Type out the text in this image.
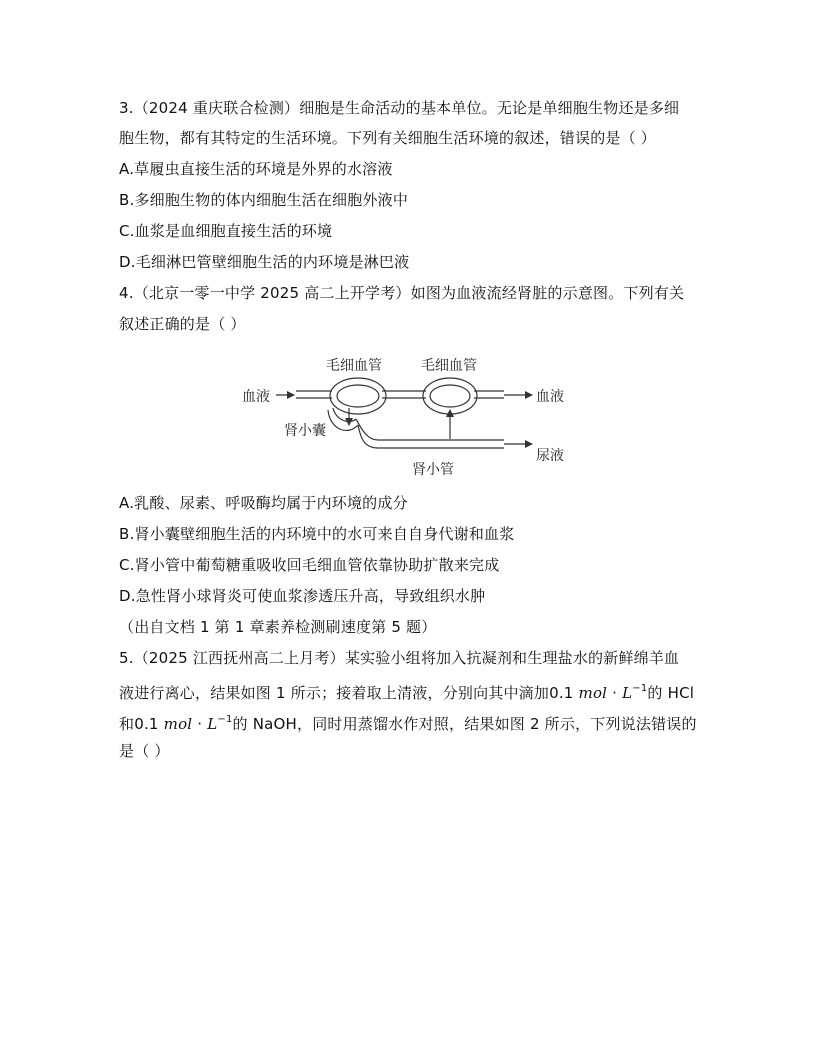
3.（2024 重庆联合检测）细胞是生命活动的基本单位。无论是单细胞生物还是多细
胞生物，都有其特定的生活环境。下列有关细胞生活环境的叙述，错误的是（ ）
A.草履虫直接生活的环境是外界的水溶液
B.多细胞生物的体内细胞生活在细胞外液中
C.血浆是血细胞直接生活的环境
D.毛细淋巴管壁细胞生活的内环境是淋巴液
4.（北京一零一中学 2025 高二上开学考）如图为血液流经肾脏的示意图。下列有关
叙述正确的是（ ）
毛细血管	毛细血管
血液	血液
肾小囊
肾小管
尿液
A.乳酸、尿素、呼吸酶均属于内环境的成分
B.肾小囊壁细胞生活的内环境中的水可来自自身代谢和血浆
C.肾小管中葡萄糖重吸收回毛细血管依靠协助扩散来完成
D.急性肾小球肾炎可使血浆渗透压升高，导致组织水肿
（出自文档 1 第 1 章素养检测刷速度第 5 题）
5.（2025 江西抚州高二上月考）某实验小组将加入抗凝剂和生理盐水的新鲜绵羊血
液进行离心，结果如图 1 所示；接着取上清液，分别向其中滴加0.1 mol · $L^{-1}$的 HCl
和0.1 mol · $L^{-1}$的 NaOH，同时用蒸馏水作对照，结果如图 2 所示，下列说法错误的
是（ ）
